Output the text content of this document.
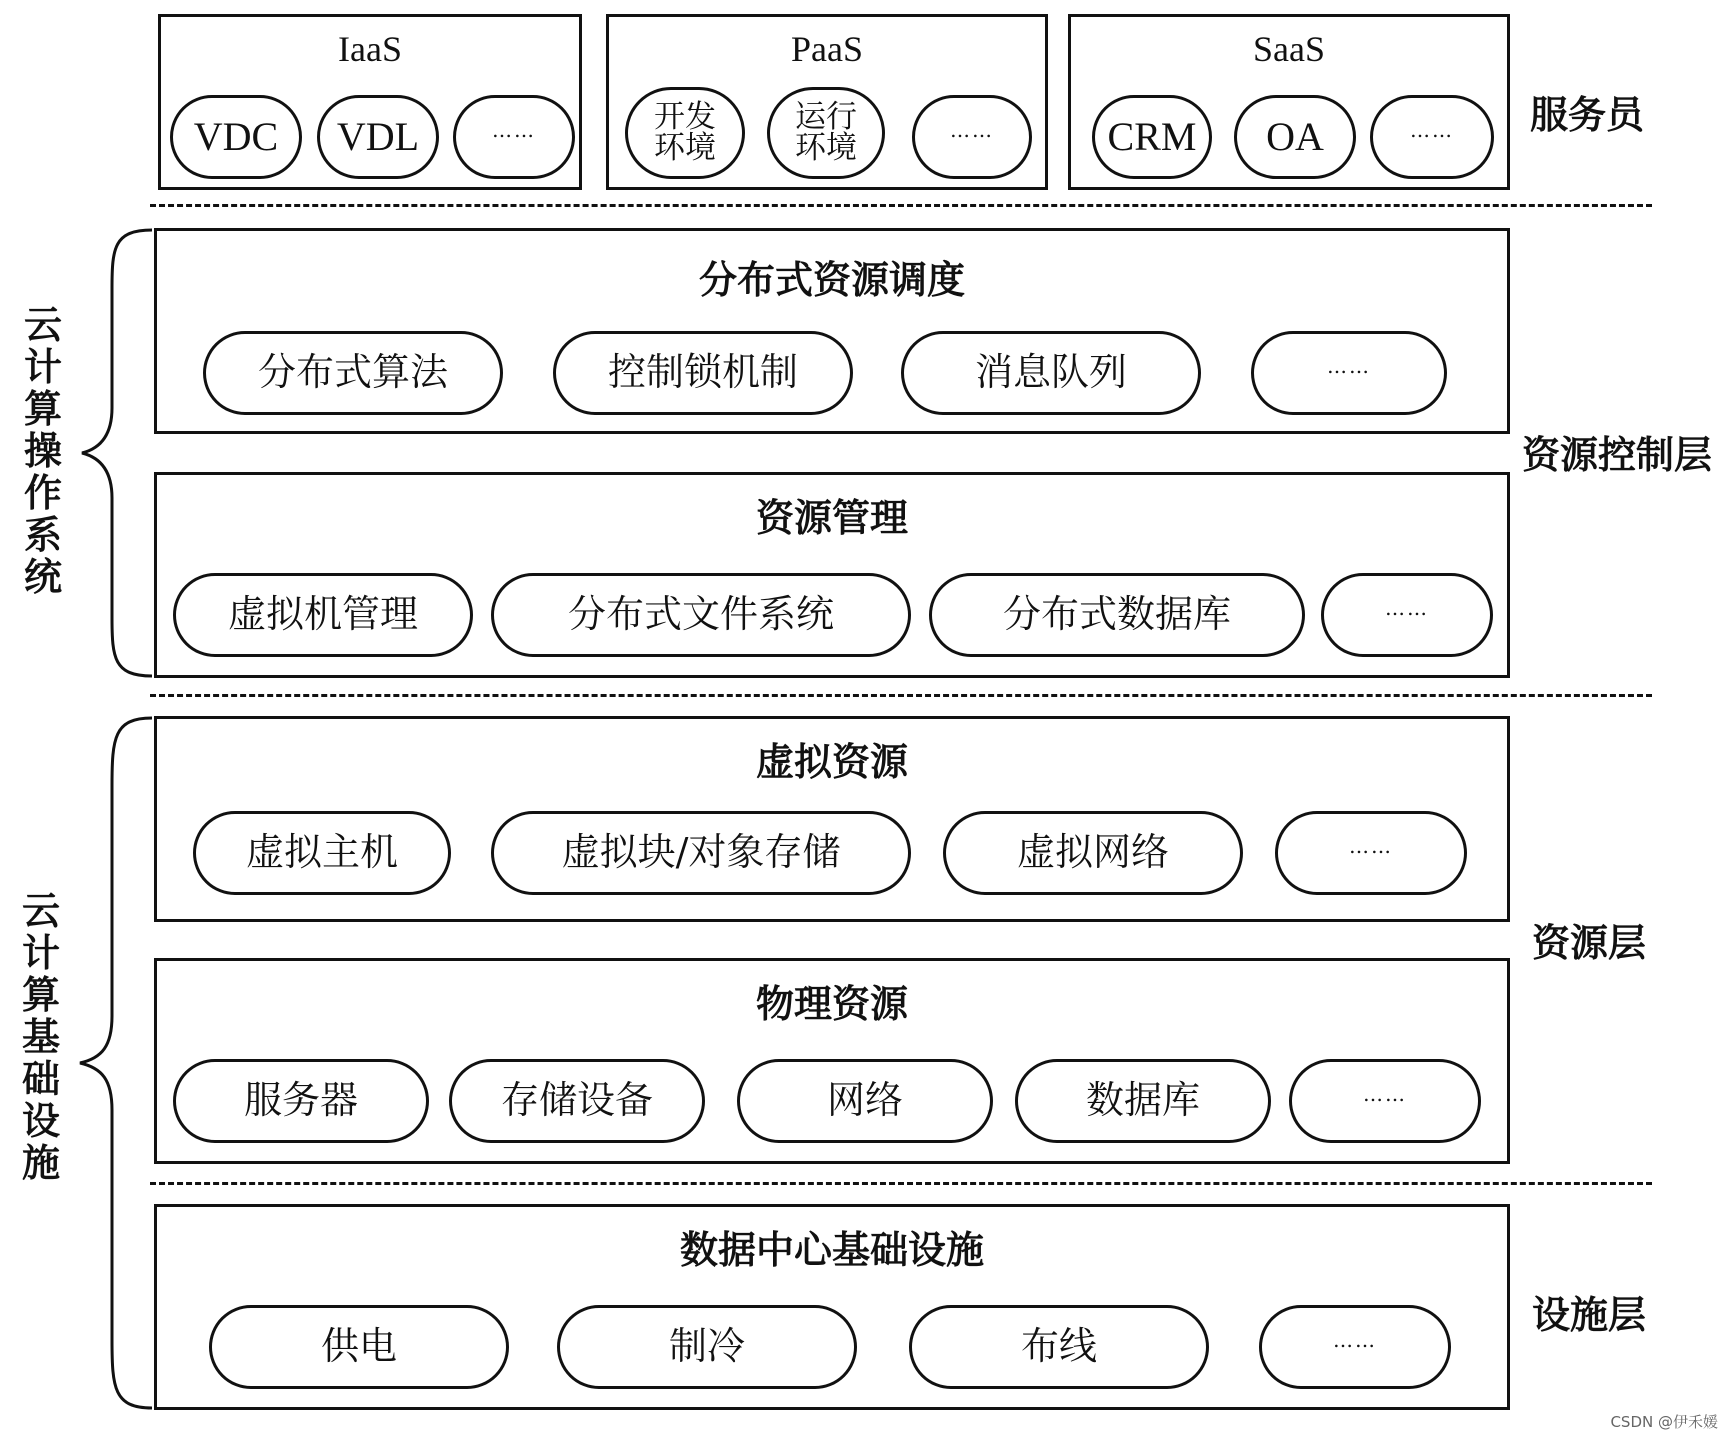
IaaS
VDC	VDL	……
PaaS
开发环境
运行环境	……
SaaS
CRM	OA	……	服务员
分布式资源调度
分布式算法	控制锁机制	消息队列	……
资源管理
虚拟机管理	分布式文件系统	分布式数据库	……
资源控制层
虚拟资源
虚拟主机	虚拟块/对象存储	虚拟网络	……
物理资源
服务器	存储设备	网络	数据库	……
资源层
数据中心基础设施
供电	制冷	布线	……
设施层
云计算操作系统
云计算基础设施
CSDN @伊禾媛
